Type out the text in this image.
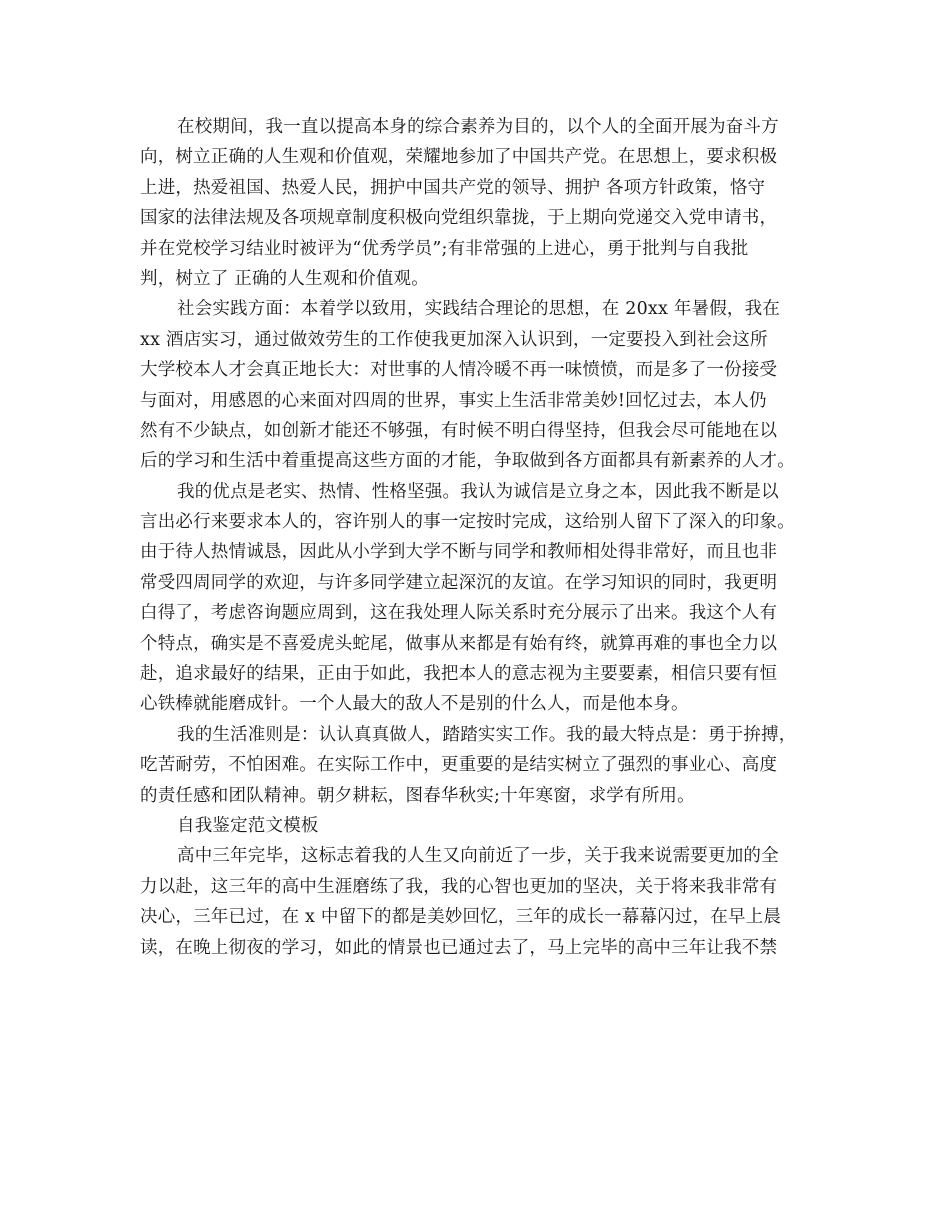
在校期间，我一直以提高本身的综合素养为目的，以个人的全面开展为奋斗方
向，树立正确的人生观和价值观，荣耀地参加了中国共产党。在思想上，要求积极
上进，热爱祖国、热爱人民，拥护中国共产党的领导、拥护 各项方针政策，恪守
国家的法律法规及各项规章制度积极向党组织靠拢，于上期向党递交入党申请书，
并在党校学习结业时被评为“优秀学员”;有非常强的上进心，勇于批判与自我批
判，树立了 正确的人生观和价值观。
社会实践方面：本着学以致用，实践结合理论的思想，在 20xx 年暑假，我在
xx 酒店实习，通过做效劳生的工作使我更加深入认识到，一定要投入到社会这所
大学校本人才会真正地长大：对世事的人情冷暖不再一味愤愤，而是多了一份接受
与面对，用感恩的心来面对四周的世界，事实上生活非常美妙!回忆过去，本人仍
然有不少缺点，如创新才能还不够强，有时候不明白得坚持，但我会尽可能地在以
后的学习和生活中着重提高这些方面的才能，争取做到各方面都具有新素养的人才。
我的优点是老实、热情、性格坚强。我认为诚信是立身之本，因此我不断是以
言出必行来要求本人的，容许别人的事一定按时完成，这给别人留下了深入的印象。
由于待人热情诚恳，因此从小学到大学不断与同学和教师相处得非常好，而且也非
常受四周同学的欢迎，与许多同学建立起深沉的友谊。在学习知识的同时，我更明
白得了，考虑咨询题应周到，这在我处理人际关系时充分展示了出来。我这个人有
个特点，确实是不喜爱虎头蛇尾，做事从来都是有始有终，就算再难的事也全力以
赴，追求最好的结果，正由于如此，我把本人的意志视为主要要素，相信只要有恒
心铁棒就能磨成针。一个人最大的敌人不是别的什么人，而是他本身。
我的生活准则是：认认真真做人，踏踏实实工作。我的最大特点是：勇于拚搏，
吃苦耐劳，不怕困难。在实际工作中，更重要的是结实树立了强烈的事业心、高度
的责任感和团队精神。朝夕耕耘，图春华秋实;十年寒窗，求学有所用。
自我鉴定范文模板
高中三年完毕，这标志着我的人生又向前近了一步，关于我来说需要更加的全
力以赴，这三年的高中生涯磨练了我，我的心智也更加的坚决，关于将来我非常有
决心，三年已过，在 x 中留下的都是美妙回忆，三年的成长一幕幕闪过，在早上晨
读，在晚上彻夜的学习，如此的情景也已通过去了，马上完毕的高中三年让我不禁
